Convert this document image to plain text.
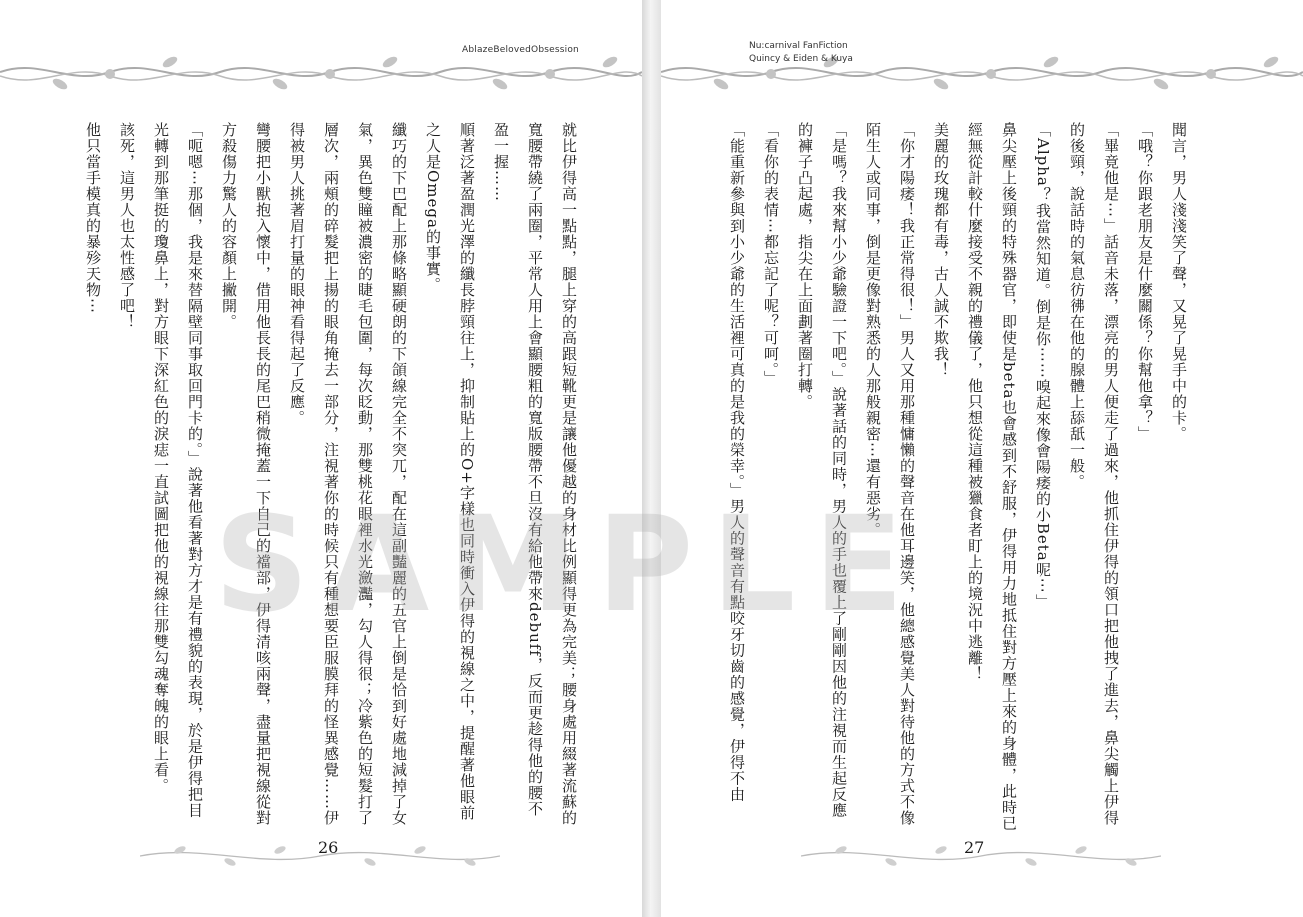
AblazeBelovedObsession
就比伊得高一點點，腿上穿的高跟短靴更是讓他優越的身材比例顯得更為完美；腰身處用綴著流蘇的寬腰帶繞了兩圈，平常人用上會顯腰粗的寬版腰帶不旦沒有給他帶來debuff，反而更趁得他的腰不盈一握……
順著泛著盈潤光澤的纖長脖頸往上，抑制貼上的O+字樣也同時衝入伊得的視線之中，提醒著他眼前之人是Omega的事實。
纖巧的下巴配上那條略顯硬朗的下頜線完全不突兀，配在這副豔麗的五官上倒是恰到好處地減掉了女氣，異色雙瞳被濃密的睫毛包圍，每次眨動，那雙桃花眼裡水光瀲灩，勾人得很；冷紫色的短髮打了層次，兩頰的碎髮把上揚的眼角掩去一部分，注視著你的時候只有種想要臣服膜拜的怪異感覺……伊得被男人挑著眉打量的眼神看得起了反應。
彎腰把小獸抱入懷中，借用他長長的尾巴稍微掩蓋一下自己的襠部，伊得清咳兩聲，盡量把視線從對方殺傷力驚人的容顏上撇開。
「呃嗯⋯那個，我是來替隔壁同事取回門卡的。」說著他看著對方才是有禮貌的表現，於是伊得把目光轉到那筆挺的瓊鼻上，對方眼下深紅色的淚痣一直試圖把他的視線往那雙勾魂奪魄的眼上看。
該死，這男人也太性感了吧！
他只當手模真的暴殄天物⋯
26
Nu:carnival FanFiction
Quincy & Eiden & Kuya
聞言，男人淺淺笑了聲，又晃了晃手中的卡。
「哦？你跟老朋友是什麼關係？你幫他拿？」
「畢竟他是⋯」話音未落，漂亮的男人便走了過來，他抓住伊得的領口把他拽了進去，鼻尖觸上伊得的後頸，說話時的氣息彷彿在他的腺體上舔舐一般。
「Alpha？我當然知道。倒是你⋯⋯嗅起來像會陽痿的小Beta呢⋯」
鼻尖壓上後頸的特殊器官，即使是beta也會感到不舒服，伊得用力地抵住對方壓上來的身體，此時已經無從計較什麼接受不親的禮儀了，他只想從這種被獵食者盯上的境況中逃離！
美麗的玫瑰都有毒，古人誠不欺我！
「你才陽痿！我正常得很！」男人又用那種慵懶的聲音在他耳邊笑，他總感覺美人對待他的方式不像陌生人或同事，倒是更像對熟悉的人那般親密⋯還有惡劣。
「是嗎？我來幫小少爺驗證一下吧。」說著話的同時，男人的手也覆上了剛剛因他的注視而生起反應的褲子凸起處，指尖在上面劃著圈打轉。
「看你的表情⋯都忘記了呢？可呵。」
「能重新參與到小少爺的生活裡可真的是我的榮幸。」男人的聲音有點咬牙切齒的感覺，伊得不由
27
SAMPLE
